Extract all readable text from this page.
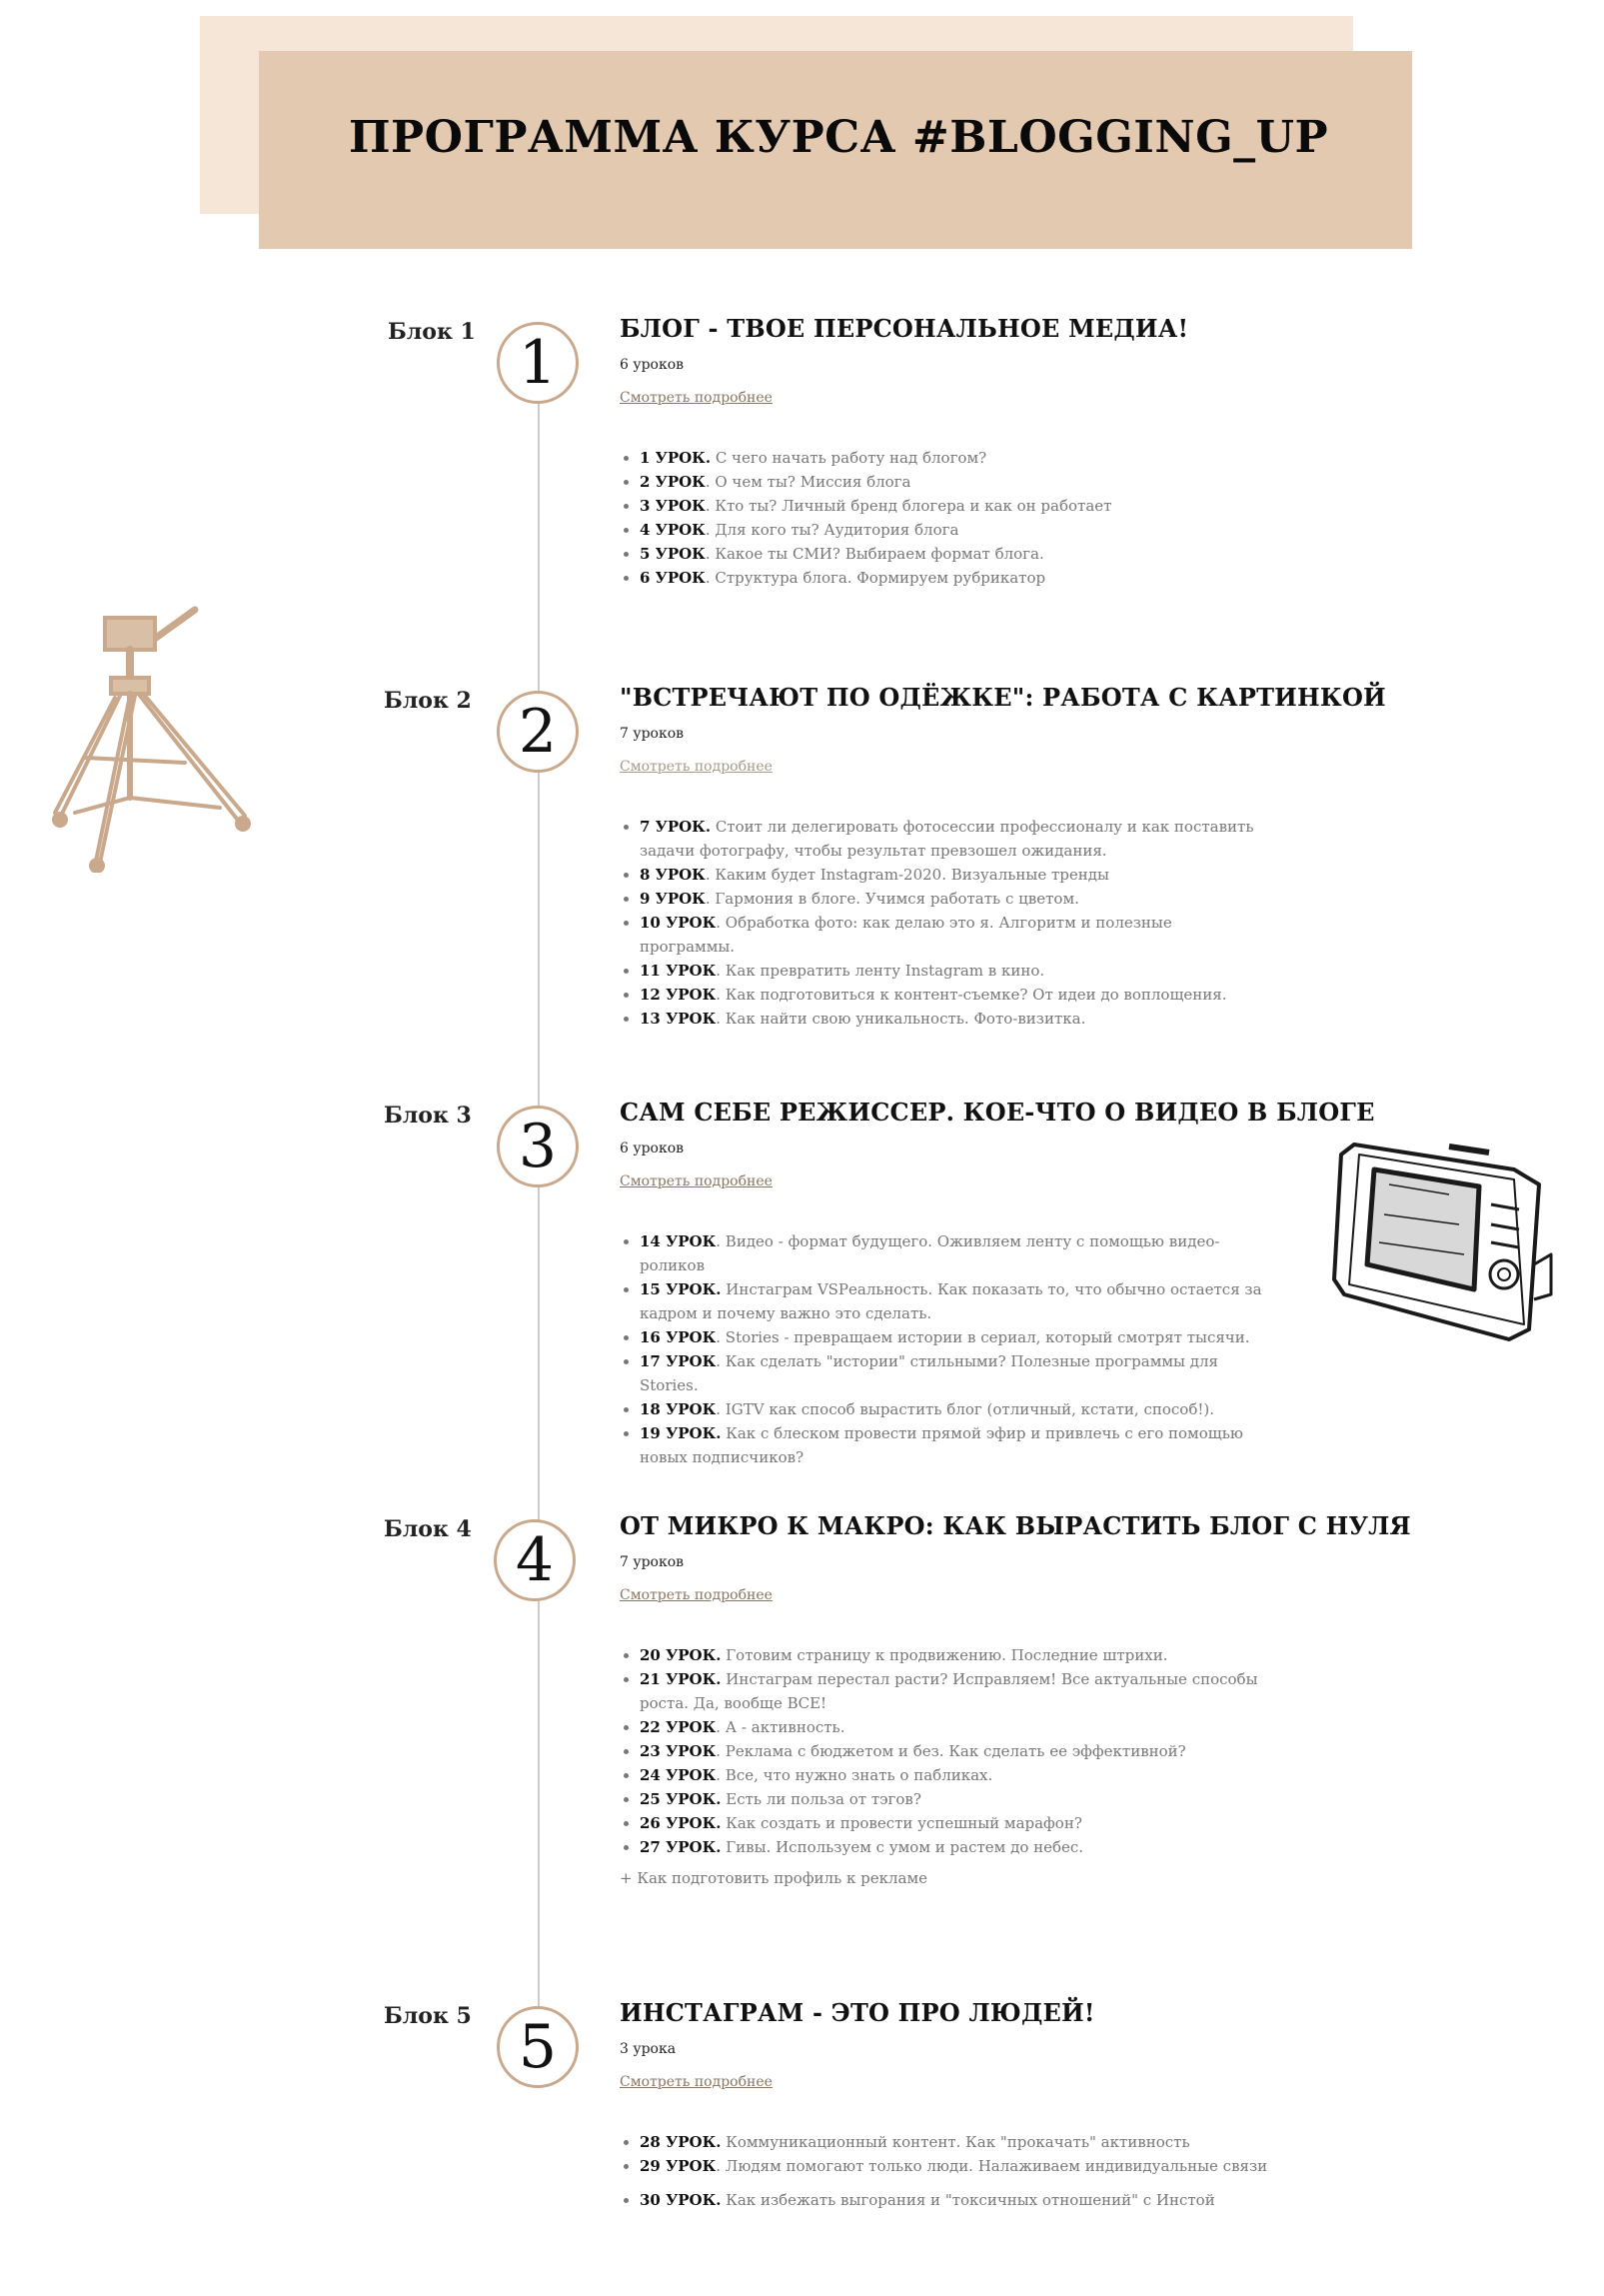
ПРОГРАММА КУРСА #BLOGGING_UP
Блок 1 1	БЛОГ - ТВОЕ ПЕРСОНАЛЬНОЕ МЕДИА!
6 уроков
Смотреть подробнее
• 1 УРОК. С чего начать работу над блогом?
• 2 УРОК. О чем ты? Миссия блога
• 3 УРОК. Кто ты? Личный бренд блогера и как он работает
• 4 УРОК. Для кого ты? Аудитория блога
• 5 УРОК. Какое ты СМИ? Выбираем формат блога.
• 6 УРОК. Структура блога. Формируем рубрикатор
Блок 2 2	"ВСТРЕЧАЮТ ПО ОДЁЖКЕ": РАБОТА С КАРТИНКОЙ
7 уроков
Смотреть подробнее
• 7 УРОК. Стоит ли делегировать фотосессии профессионалу и как поставить задачи фотографу, чтобы результат превзошел ожидания.
• 8 УРОК. Каким будет Instagram-2020. Визуальные тренды
• 9 УРОК. Гармония в блоге. Учимся работать с цветом.
• 10 УРОК. Обработка фото: как делаю это я. Алгоритм и полезные программы.
• 11 УРОК. Как превратить ленту Instagram в кино.
• 12 УРОК. Как подготовиться к контент-съемке? От идеи до воплощения.
• 13 УРОК. Как найти свою уникальность. Фото-визитка.
Блок 3 3	САМ СЕБЕ РЕЖИССЕР. КОЕ-ЧТО О ВИДЕО В БЛОГЕ
6 уроков
Смотреть подробнее
• 14 УРОК. Видео - формат будущего. Оживляем ленту с помощью видео-роликов
• 15 УРОК. Инстаграм VSРеальность. Как показать то, что обычно остается за кадром и почему важно это сделать.
• 16 УРОК. Stories - превращаем истории в сериал, который смотрят тысячи.
• 17 УРОК. Как сделать "истории" стильными? Полезные программы для Stories.
• 18 УРОК. IGTV как способ вырастить блог (отличный, кстати, способ!).
• 19 УРОК. Как с блеском провести прямой эфир и привлечь с его помощью новых подписчиков?
Блок 4 4	ОТ МИКРО К МАКРО: КАК ВЫРАСТИТЬ БЛОГ С НУЛЯ
7 уроков
Смотреть подробнее
• 20 УРОК. Готовим страницу к продвижению. Последние штрихи.
• 21 УРОК. Инстаграм перестал расти? Исправляем! Все актуальные способы роста. Да, вообще ВСЕ!
• 22 УРОК. А - активность.
• 23 УРОК. Реклама с бюджетом и без. Как сделать ее эффективной?
• 24 УРОК. Все, что нужно знать о пабликах.
• 25 УРОК. Есть ли польза от тэгов?
• 26 УРОК. Как создать и провести успешный марафон?
• 27 УРОК. Гивы. Используем с умом и растем до небес.
+ Как подготовить профиль к рекламе
Блок 5 5	ИНСТАГРАМ - ЭТО ПРО ЛЮДЕЙ!
3 урока
Смотреть подробнее
• 28 УРОК. Коммуникационный контент. Как "прокачать" активность
• 29 УРОК. Людям помогают только люди. Налаживаем индивидуальные связи
• 30 УРОК. Как избежать выгорания и "токсичных отношений" с Инстой
